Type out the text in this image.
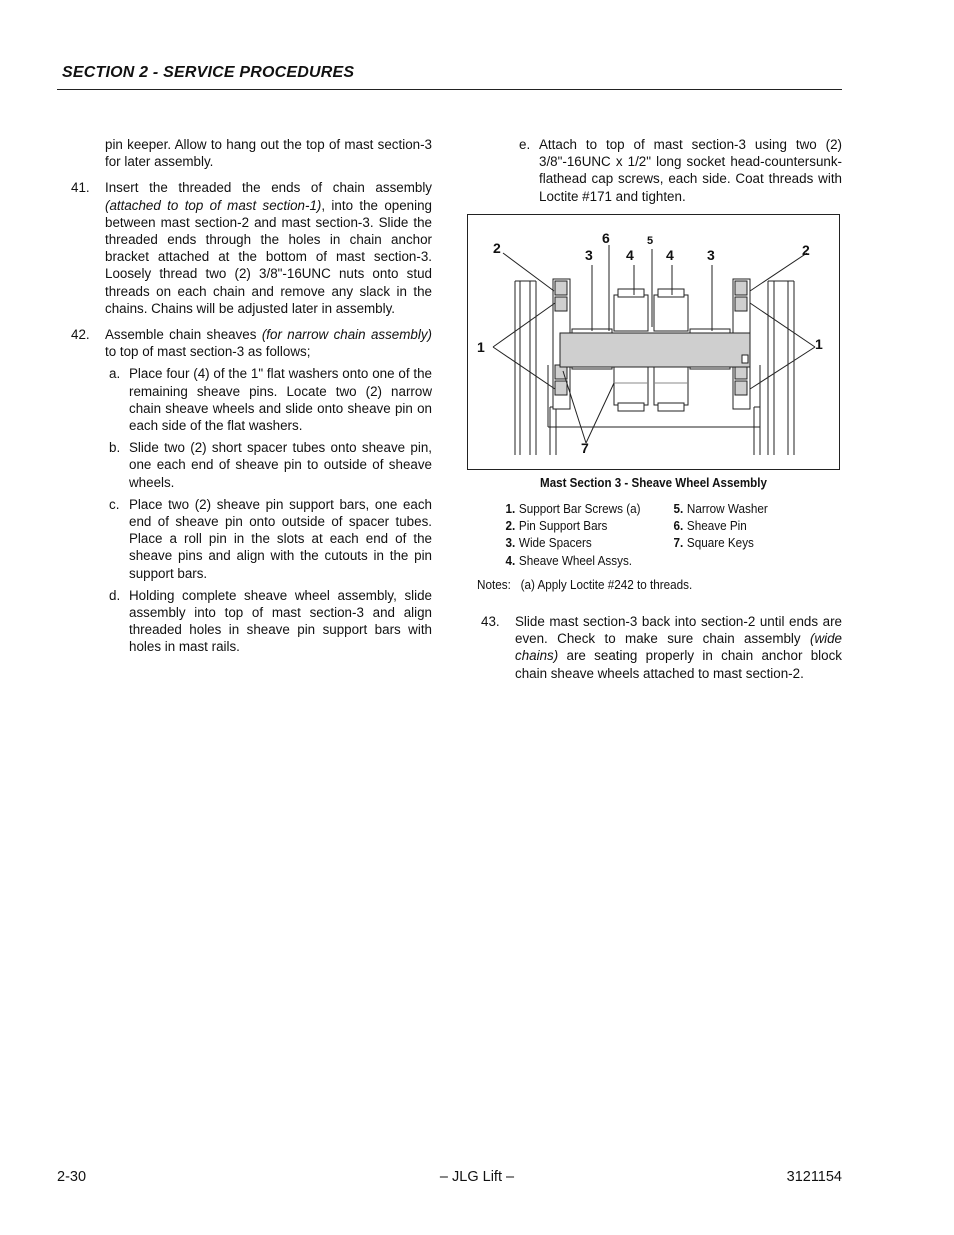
SECTION 2 - SERVICE PROCEDURES

pin keeper. Allow to hang out the top of mast section-3 for later assembly.

41. Insert the threaded the ends of chain assembly (attached to top of mast section-1), into the opening between mast section-2 and mast section-3. Slide the threaded ends through the holes in chain anchor bracket attached at the bottom of mast section-3. Loosely thread two (2) 3/8"-16UNC nuts onto stud threads on each chain and remove any slack in the chains. Chains will be adjusted later in assembly.

42. Assemble chain sheaves (for narrow chain assembly) to top of mast section-3 as follows;

a. Place four (4) of the 1" flat washers onto one of the remaining sheave pins. Locate two (2) narrow chain sheave wheels and slide onto sheave pin on each side of the flat washers.

b. Slide two (2) short spacer tubes onto sheave pin, one each end of sheave pin to outside of sheave wheels.

c. Place two (2) sheave pin support bars, one each end of sheave pin onto outside of spacer tubes. Place a roll pin in the slots at each end of the sheave pins and align with the cutouts in the pin support bars.

d. Holding complete sheave wheel assembly, slide assembly into top of mast section-3 and align threaded holes in sheave pin support bars with holes in mast rails.

e. Attach to top of mast section-3 using two (2) 3/8"-16UNC x 1/2" long socket head-countersunk-flathead cap screws, each side. Coat threads with Loctite #171 and tighten.

2	2
3	3
6
4 4
5
1	1
7
Mast Section 3 - Sheave Wheel Assembly
1. Support Bar Screws (a)
2. Pin Support Bars
3. Wide Spacers
4. Sheave Wheel Assys.
5. Narrow Washer
6. Sheave Pin
7. Square Keys
Notes: (a) Apply Loctite #242 to threads.
43. Slide mast section-3 back into section-2 until ends are even. Check to make sure chain assembly (wide chains) are seating properly in chain anchor block chain sheave wheels attached to mast section-2.

2-30	– JLG Lift –	3121154
